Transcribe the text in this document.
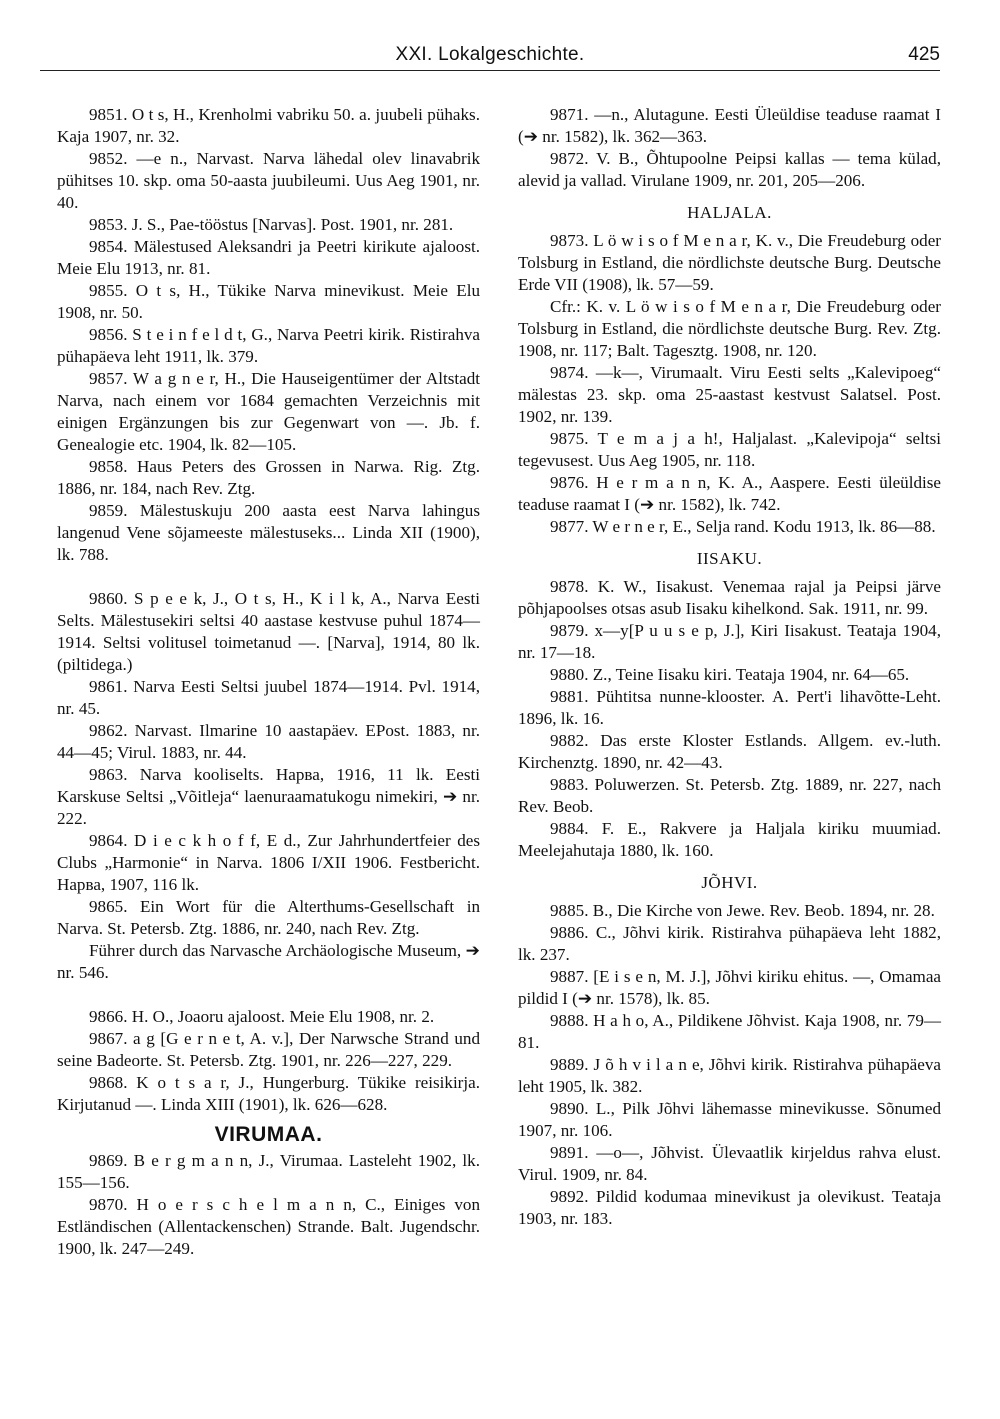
XXI. Lokalgeschichte.	425

9851. O t s, H., Krenholmi vabriku 50. a. juubeli pühaks. Kaja 1907, nr. 32.

9852. —e n., Narvast. Narva lähedal olev linavabrik pühitses 10. skp. oma 50-aasta juubileumi. Uus Aeg 1901, nr. 40.

9853. J. S., Pae-tööstus [Narvas]. Post. 1901, nr. 281.

9854. Mälestused Aleksandri ja Peetri kirikute ajaloost. Meie Elu 1913, nr. 81.

9855. O t s, H., Tükike Narva minevikust. Meie Elu 1908, nr. 50.

9856. S t e i n f e l d t, G., Narva Peetri kirik. Ristirahva pühapäeva leht 1911, lk. 379.

9857. W a g n e r, H., Die Hauseigentümer der Altstadt Narva, nach einem vor 1684 gemachten Verzeichnis mit einigen Ergänzungen bis zur Gegenwart von —. Jb. f. Genealogie etc. 1904, lk. 82—105.

9858. Haus Peters des Grossen in Narwa. Rig. Ztg. 1886, nr. 184, nach Rev. Ztg.

9859. Mälestuskuju 200 aasta eest Narva lahingus langenud Vene sõjameeste mälestuseks... Linda XII (1900), lk. 788.

9860. S p e e k, J., O t s, H., K i l k, A., Narva Eesti Selts. Mälestusekiri seltsi 40 aastase kestvuse puhul 1874—1914. Seltsi volitusel toimetanud —. [Narva], 1914, 80 lk. (piltidega.)

9861. Narva Eesti Seltsi juubel 1874—1914. Pvl. 1914, nr. 45.

9862. Narvast. Ilmarine 10 aastapäev. EPost. 1883, nr. 44—45; Virul. 1883, nr. 44.

9863. Narva kooliselts. Нарва, 1916, 11 lk. Eesti Karskuse Seltsi „Võitleja“ laenuraamatukogu nimekiri, ➔ nr. 222.

9864. D i e c k h o f f, E d., Zur Jahrhundertfeier des Clubs „Harmonie“ in Narva. 1806 I/XII 1906. Festbericht. Нарва, 1907, 116 lk.

9865. Ein Wort für die Alterthums-Gesellschaft in Narva. St. Petersb. Ztg. 1886, nr. 240, nach Rev. Ztg.

Führer durch das Narvasche Archäologische Museum, ➔ nr. 546.

9866. H. O., Joaoru ajaloost. Meie Elu 1908, nr. 2.

9867. a g [G e r n e t, A. v.], Der Narwsche Strand und seine Badeorte. St. Petersb. Ztg. 1901, nr. 226—227, 229.

9868. K o t s a r, J., Hungerburg. Tükike reisikirja. Kirjutanud —. Linda XIII (1901), lk. 626—628.

VIRUMAA.

9869. B e r g m a n n, J., Virumaa. Lasteleht 1902, lk. 155—156.

9870. H o e r s c h e l m a n n, C., Einiges von Estländischen (Allentackenschen) Strande. Balt. Jugendschr. 1900, lk. 247—249.

9871. —n., Alutagune. Eesti Üleüldise teaduse raamat I (➔ nr. 1582), lk. 362—363.

9872. V. B., Õhtupoolne Peipsi kallas — tema külad, alevid ja vallad. Virulane 1909, nr. 201, 205—206.

HALJALA.

9873. L ö w i s o f M e n a r, K. v., Die Freudeburg oder Tolsburg in Estland, die nördlichste deutsche Burg. Deutsche Erde VII (1908), lk. 57—59.

Cfr.: K. v. L ö w i s o f M e n a r, Die Freudeburg oder Tolsburg in Estland, die nördlichste deutsche Burg. Rev. Ztg. 1908, nr. 117; Balt. Tagesztg. 1908, nr. 120.

9874. —k—, Virumaalt. Viru Eesti selts „Kalevipoeg“ mälestas 23. skp. oma 25-aastast kestvust Salatsel. Post. 1902, nr. 139.

9875. T e m a j a h!, Haljalast. „Kalevipoja“ seltsi tegevusest. Uus Aeg 1905, nr. 118.

9876. H e r m a n n, K. A., Aaspere. Eesti üleüldise teaduse raamat I (➔ nr. 1582), lk. 742.

9877. W e r n e r, E., Selja rand. Kodu 1913, lk. 86—88.

IISAKU.

9878. K. W., Iisakust. Venemaa rajal ja Peipsi järve põhjapoolses otsas asub Iisaku kihelkond. Sak. 1911, nr. 99.

9879. x—y[P u u s e p, J.], Kiri Iisakust. Teataja 1904, nr. 17—18.

9880. Z., Teine Iisaku kiri. Teataja 1904, nr. 64—65.

9881. Pühtitsa nunne-klooster. A. Pert'i lihavõtte-Leht. 1896, lk. 16.

9882. Das erste Kloster Estlands. Allgem. ev.-luth. Kirchenztg. 1890, nr. 42—43.

9883. Poluwerzen. St. Petersb. Ztg. 1889, nr. 227, nach Rev. Beob.

9884. F. E., Rakvere ja Haljala kiriku muumiad. Meelejahutaja 1880, lk. 160.

JÕHVI.

9885. B., Die Kirche von Jewe. Rev. Beob. 1894, nr. 28.

9886. C., Jõhvi kirik. Ristirahva pühapäeva leht 1882, lk. 237.

9887. [E i s e n, M. J.], Jõhvi kiriku ehitus. —, Omamaa pildid I (➔ nr. 1578), lk. 85.

9888. H a h o, A., Pildikene Jõhvist. Kaja 1908, nr. 79—81.

9889. J õ h v i l a n e, Jõhvi kirik. Ristirahva pühapäeva leht 1905, lk. 382.

9890. L., Pilk Jõhvi lähemasse minevikusse. Sõnumed 1907, nr. 106.

9891. —o—, Jõhvist. Ülevaatlik kirjeldus rahva elust. Virul. 1909, nr. 84.

9892. Pildid kodumaa minevikust ja olevikust. Teataja 1903, nr. 183.
